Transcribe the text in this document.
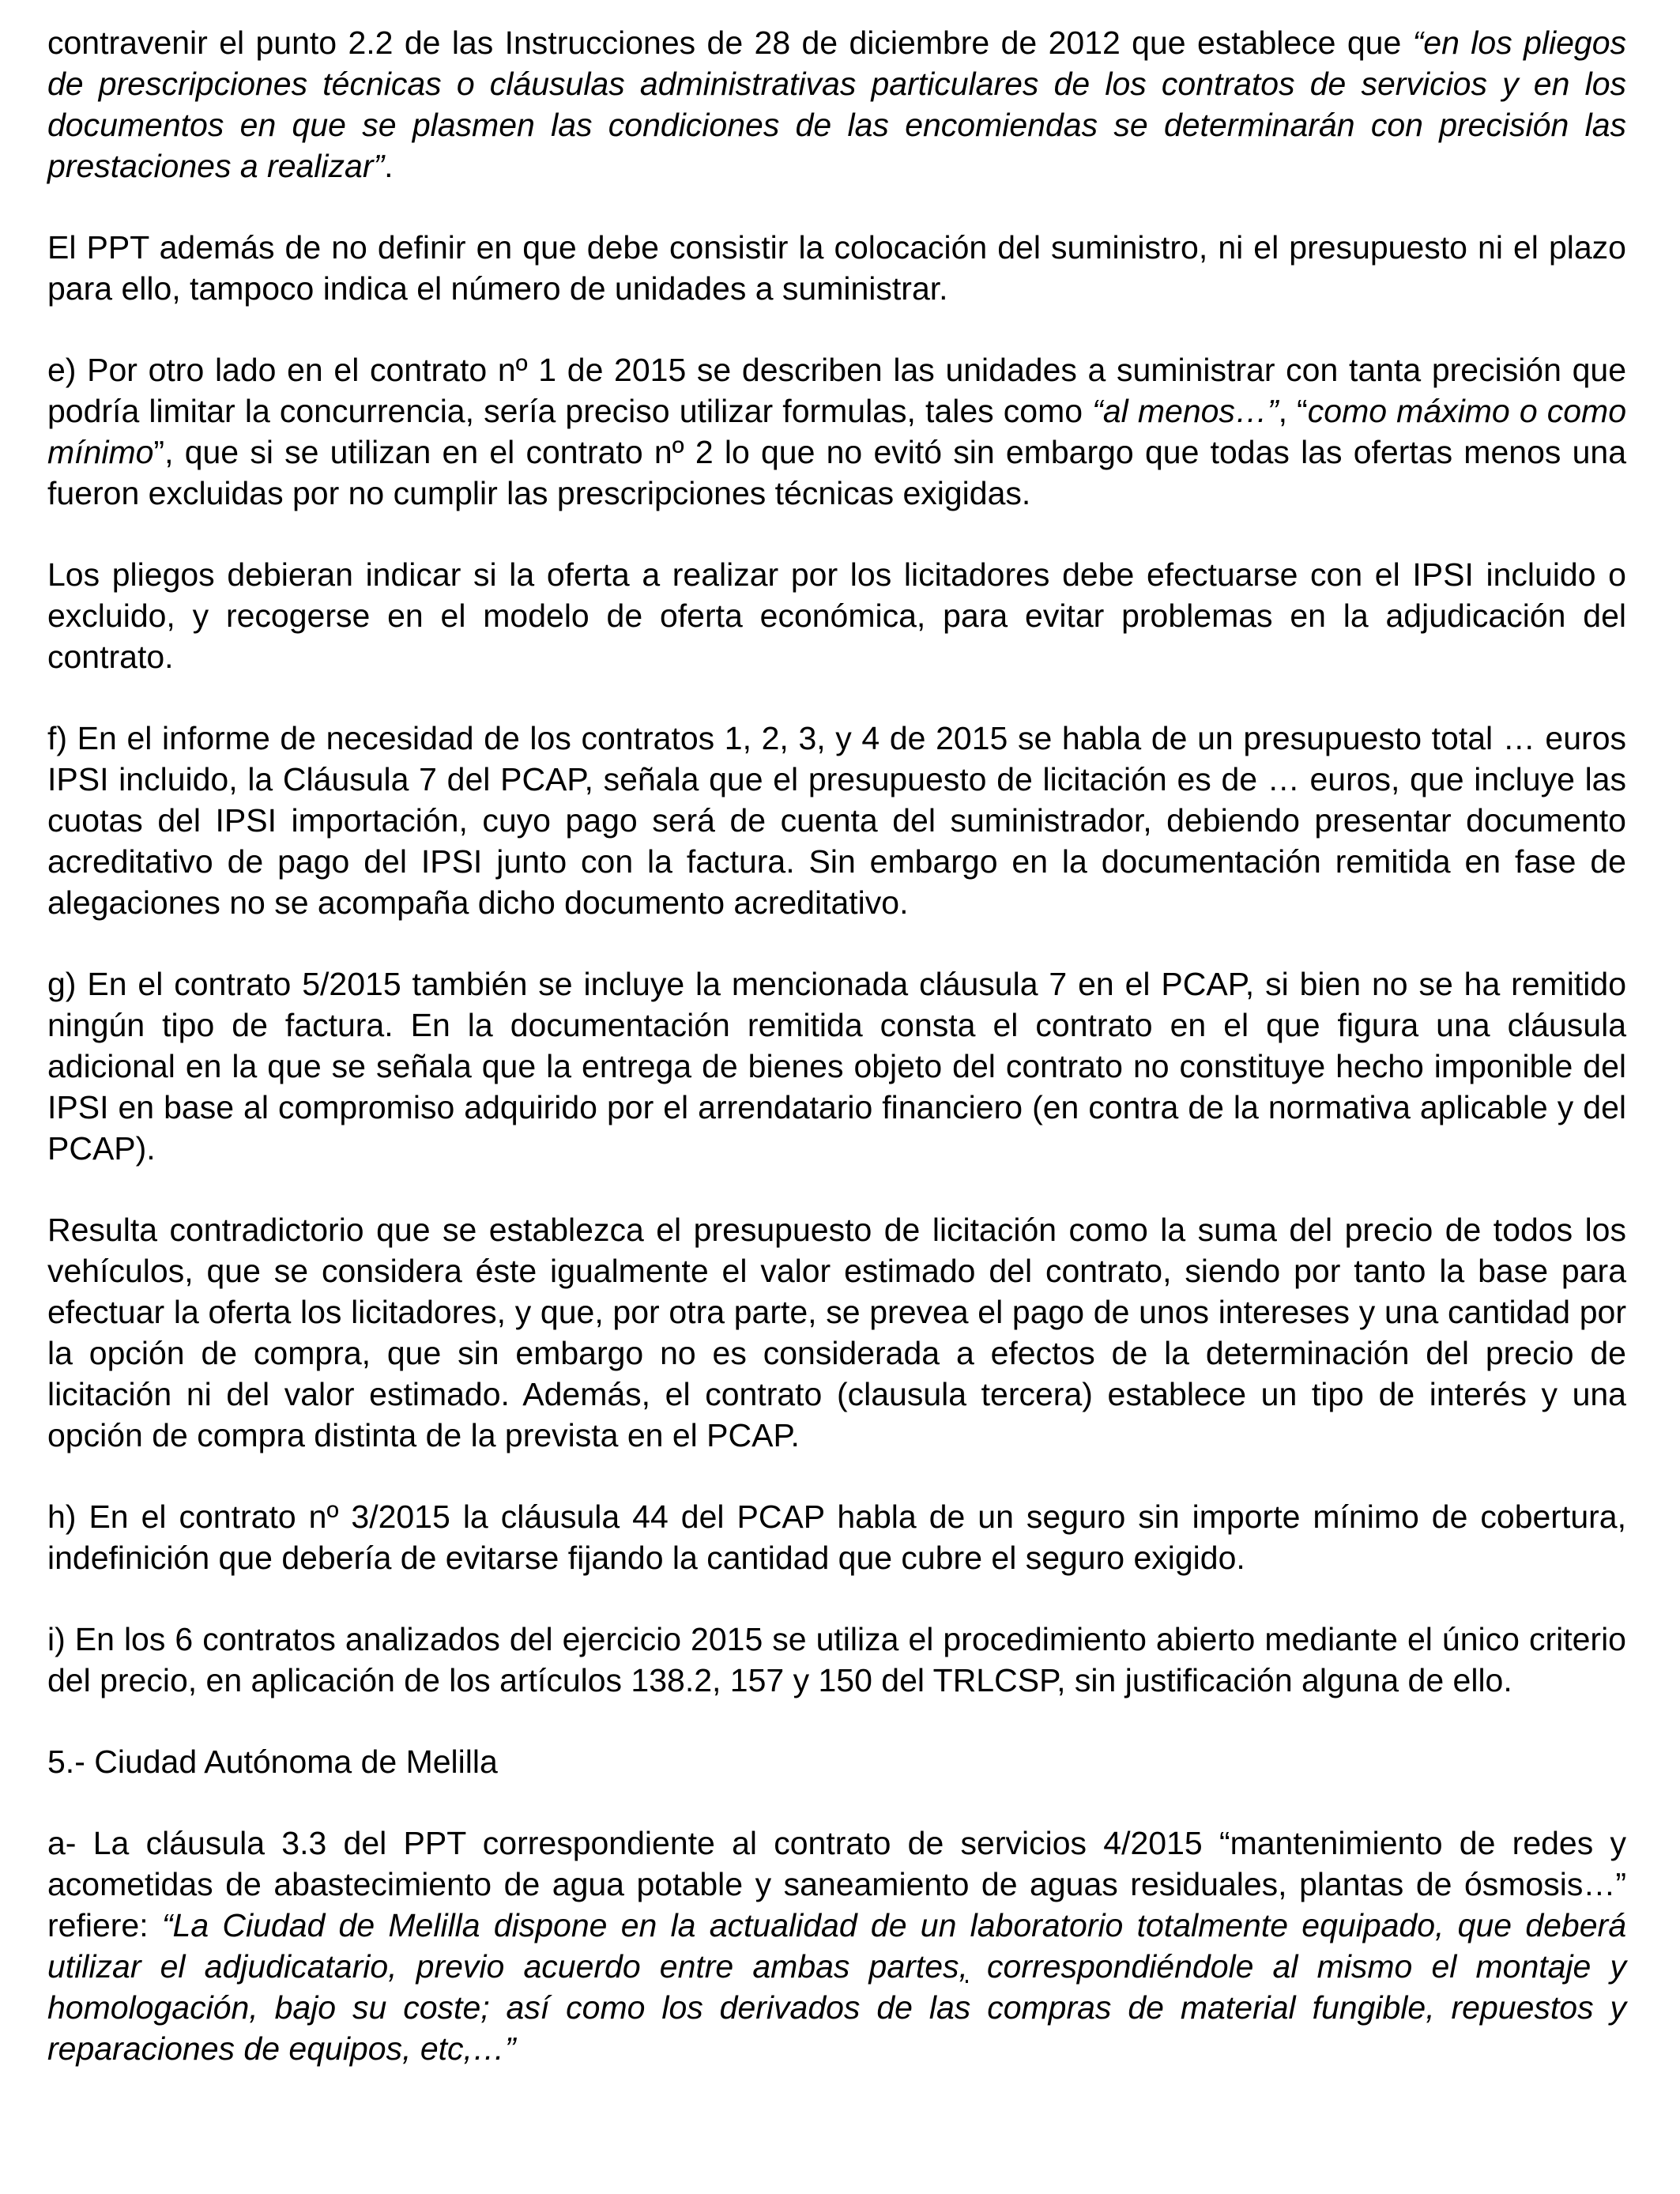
contravenir el punto 2.2 de las Instrucciones de 28 de diciembre de 2012 que establece que “en los pliegos de prescripciones técnicas o cláusulas administrativas particulares de los contratos de servicios y en los documentos en que se plasmen las condiciones de las encomiendas se determinarán con precisión las prestaciones a realizar”.

El PPT además de no definir en que debe consistir la colocación del suministro, ni el presupuesto ni el plazo para ello, tampoco indica el número de unidades a suministrar.

e) Por otro lado en el contrato nº 1 de 2015 se describen las unidades a suministrar con tanta precisión que podría limitar la concurrencia, sería preciso utilizar formulas, tales como “al menos…”, “como máximo o como mínimo”, que si se utilizan en el contrato nº 2 lo que no evitó sin embargo que todas las ofertas menos una fueron excluidas por no cumplir las prescripciones técnicas exigidas.

Los pliegos debieran indicar si la oferta a realizar por los licitadores debe efectuarse con el IPSI incluido o excluido, y recogerse en el modelo de oferta económica, para evitar problemas en la adjudicación del contrato.

f) En el informe de necesidad de los contratos 1, 2, 3, y 4 de 2015 se habla de un presupuesto total … euros IPSI incluido, la Cláusula 7 del PCAP, señala que el presupuesto de licitación es de … euros, que incluye las cuotas del IPSI importación, cuyo pago será de cuenta del suministrador, debiendo presentar documento acreditativo de pago del IPSI junto con la factura. Sin embargo en la documentación remitida en fase de alegaciones no se acompaña dicho documento acreditativo.

g) En el contrato 5/2015 también se incluye la mencionada cláusula 7 en el PCAP, si bien no se ha remitido ningún tipo de factura. En la documentación remitida consta el contrato en el que figura una cláusula adicional en la que se señala que la entrega de bienes objeto del contrato no constituye hecho imponible del IPSI en base al compromiso adquirido por el arrendatario financiero (en contra de la normativa aplicable y del PCAP).

Resulta contradictorio que se establezca el presupuesto de licitación como la suma del precio de todos los vehículos, que se considera éste igualmente el valor estimado del contrato, siendo por tanto la base para efectuar la oferta los licitadores, y que, por otra parte, se prevea el pago de unos intereses y una cantidad por la opción de compra, que sin embargo no es considerada a efectos de la determinación del precio de licitación ni del valor estimado. Además, el contrato (clausula tercera) establece un tipo de interés y una opción de compra distinta de la prevista en el PCAP.

h) En el contrato nº 3/2015 la cláusula 44 del PCAP habla de un seguro sin importe mínimo de cobertura, indefinición que debería de evitarse fijando la cantidad que cubre el seguro exigido.

i) En los 6 contratos analizados del ejercicio 2015 se utiliza el procedimiento abierto mediante el único criterio del precio, en aplicación de los artículos 138.2, 157 y 150 del TRLCSP, sin justificación alguna de ello.

5.- Ciudad Autónoma de Melilla

a- La cláusula 3.3 del PPT correspondiente al contrato de servicios 4/2015 “mantenimiento de redes y acometidas de abastecimiento de agua potable y saneamiento de aguas residuales, plantas de ósmosis…” refiere: “La Ciudad de Melilla dispone en la actualidad de un laboratorio totalmente equipado, que deberá utilizar el adjudicatario, previo acuerdo entre ambas partes, correspondiéndole al mismo el montaje y homologación, bajo su coste; así como los derivados de las compras de material fungible, repuestos y reparaciones de equipos, etc,…”
